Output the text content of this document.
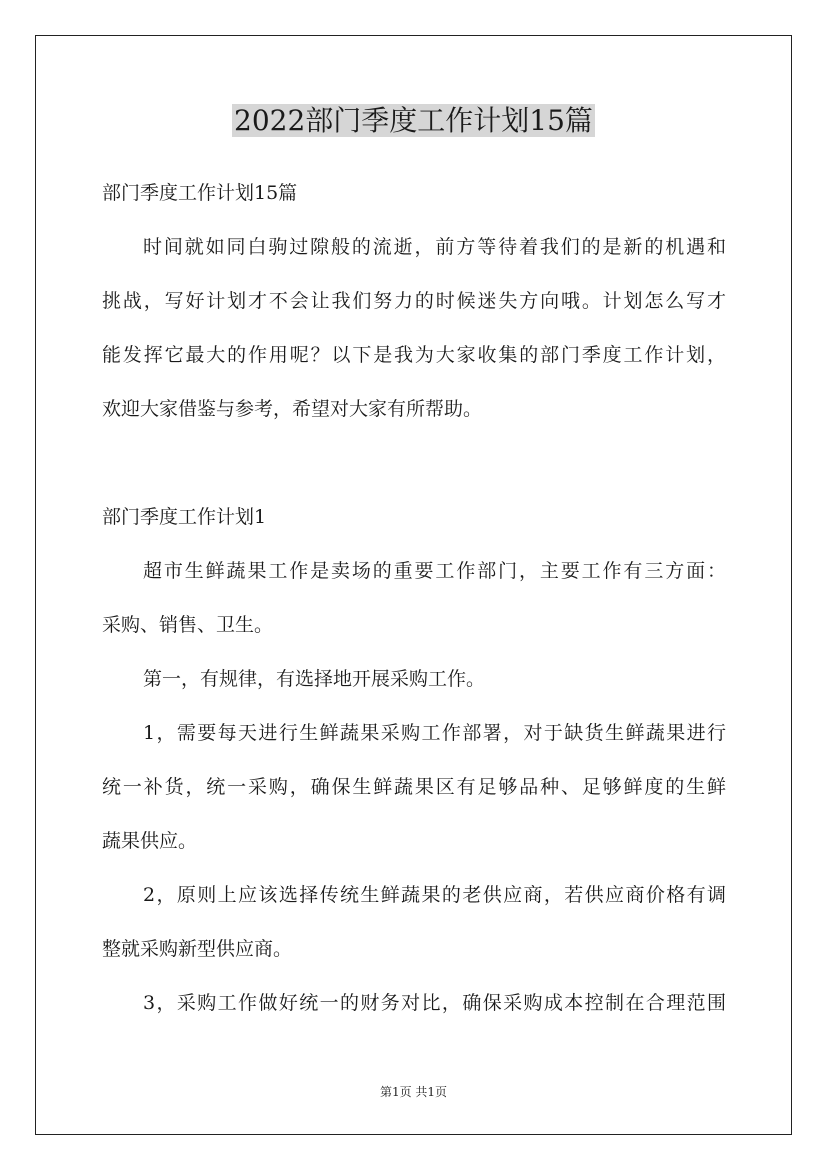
2022部门季度工作计划15篇
部门季度工作计划15篇
时间就如同白驹过隙般的流逝，前方等待着我们的是新的机遇和
挑战，写好计划才不会让我们努力的时候迷失方向哦。计划怎么写才
能发挥它最大的作用呢？以下是我为大家收集的部门季度工作计划，
欢迎大家借鉴与参考，希望对大家有所帮助。
部门季度工作计划1
超市生鲜蔬果工作是卖场的重要工作部门，主要工作有三方面：
采购、销售、卫生。
第一，有规律，有选择地开展采购工作。
1，需要每天进行生鲜蔬果采购工作部署，对于缺货生鲜蔬果进行
统一补货，统一采购，确保生鲜蔬果区有足够品种、足够鲜度的生鲜
蔬果供应。
2，原则上应该选择传统生鲜蔬果的老供应商，若供应商价格有调
整就采购新型供应商。
3，采购工作做好统一的财务对比，确保采购成本控制在合理范围
第1页 共1页
